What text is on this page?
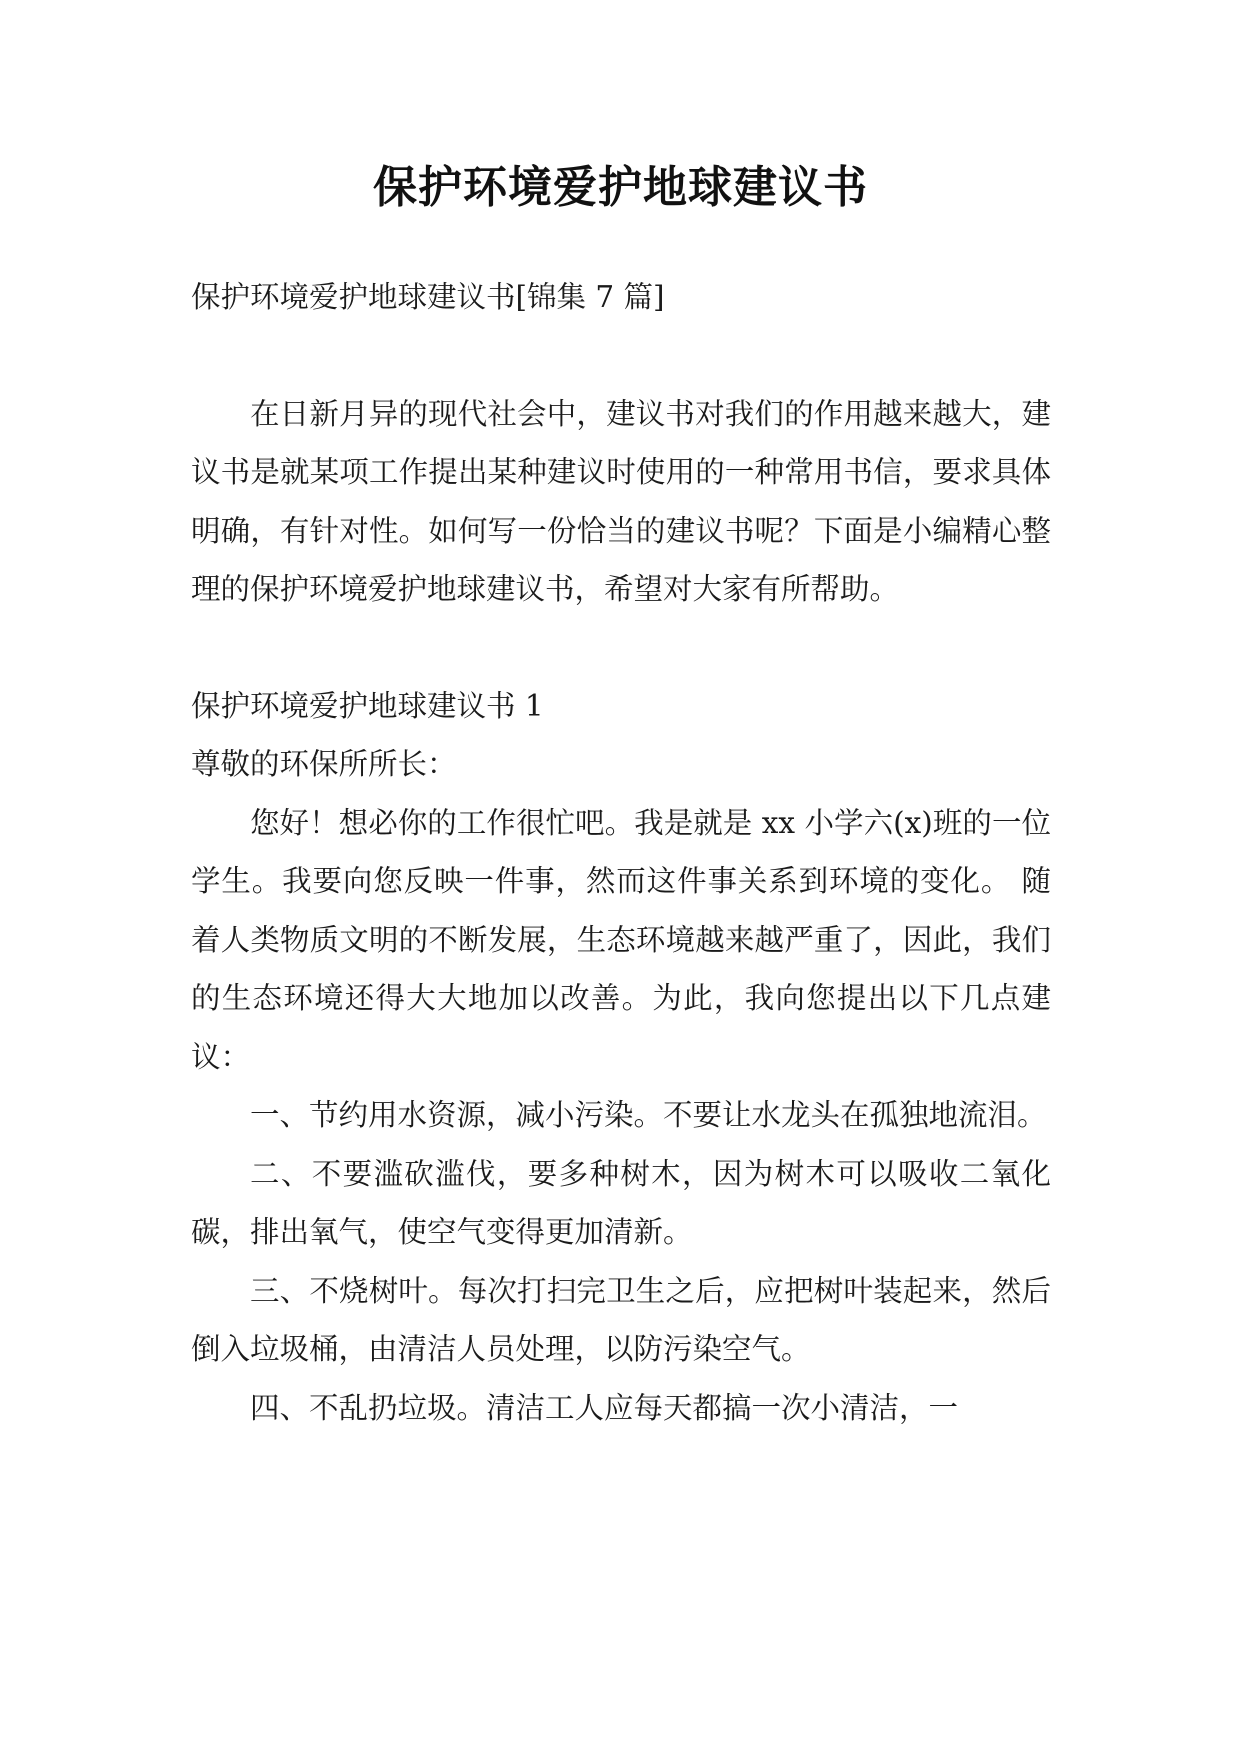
保护环境爱护地球建议书

保护环境爱护地球建议书[锦集 7 篇]

在日新月异的现代社会中，建议书对我们的作用越来越大，建议书是就某项工作提出某种建议时使用的一种常用书信，要求具体明确，有针对性。如何写一份恰当的建议书呢？下面是小编精心整理的保护环境爱护地球建议书，希望对大家有所帮助。

保护环境爱护地球建议书 1

尊敬的环保所所长：

您好！想必你的工作很忙吧。我是就是 xx 小学六(x)班的一位学生。我要向您反映一件事，然而这件事关系到环境的变化。 随着人类物质文明的不断发展，生态环境越来越严重了，因此，我们的生态环境还得大大地加以改善。为此，我向您提出以下几点建议：

一、节约用水资源，减小污染。不要让水龙头在孤独地流泪。

二、不要滥砍滥伐，要多种树木，因为树木可以吸收二氧化碳，排出氧气，使空气变得更加清新。

三、不烧树叶。每次打扫完卫生之后，应把树叶装起来，然后倒入垃圾桶，由清洁人员处理，以防污染空气。

四、不乱扔垃圾。清洁工人应每天都搞一次小清洁，一
